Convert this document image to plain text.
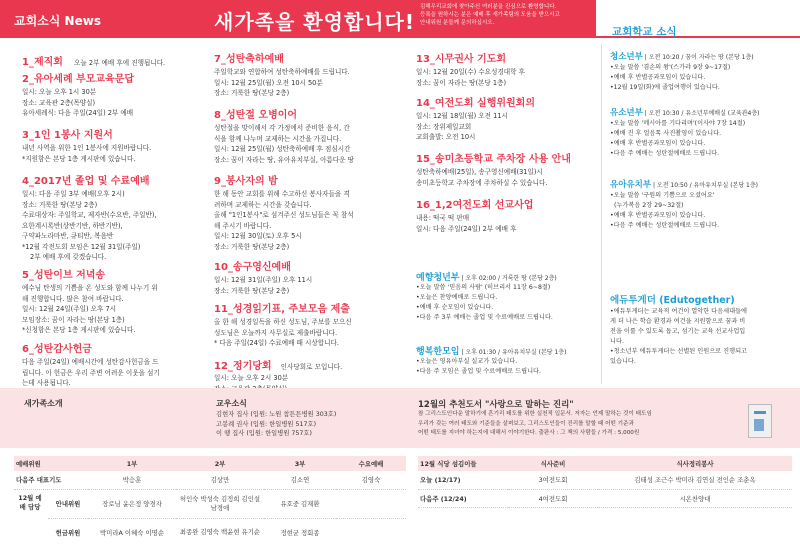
교회소식 News	새가족을 환영합니다!
김해우리교회에 찾아주신 여러분을 진심으로 환영합니다.
등록을 원하시는 분은 예배 후 새가족팀의 도움을 받으시고
안내위원 분들께 문의하십시오.
1_제직회 오늘 2부 예배 후에 진행됩니다.
2_유아세례 부모교육문답
일시: 오늘 오후 1시 30분
장소: 교육관 2층(목양실)
유아세례식: 다음 주일(24일) 2부 예배
3_1인 1봉사 지원서
내년 사역을 위한 1인 1봉사에 지원바랍니다.
*지원함은 본당 1층 게시판에 있습니다.
4_2017년 졸업 및 수료예배
일시: 다음 주일 3부 예배(오후 2시)
장소: 거룩한 땅(본당 2층)
수료대상자: 주일학교, 제자반(수요반, 주일반),
요한계시록반(상반기반, 하반기반),
구약파노라마반, 큐티반, 복음반
*12월 각전도회 모임은 12월 31일(주일)
2부 예배 후에 갖겠습니다.
5_성탄이브 저녁송
예수님 탄생의 기쁨을 온 성도와 함께 나누기 위
해 진행합니다. 많은 참여 바랍니다.
일시: 12월 24일(주일) 오후 7시
모임장소: 꿈이 자라는 땅(본당 1층)
*신청함은 본당 1층 게시판에 있습니다.
6_성탄감사헌금
다음 주일(24일) 예배시간에 성탄감사헌금을 드
립니다. 이 헌금은 우리 주변 어려운 이웃을 섬기
는데 사용됩니다.
7_성탄축하예배
주일학교와 연합하여 성탄축하예배를 드립니다.
일시: 12월 25일(월) 오전 10시 50분
장소: 거룩한 땅(본당 2층)
8_성탄절 오병이어
성탄절을 맞이해서 각 가정에서 준비한 음식, 간
식을 함께 나누며 교제하는 시간을 가집니다.
일시: 12월 25일(월) 성탄축하예배 후 점심시간
장소: 꿈이 자라는 땅, 유아유치부실, 아름다운 땅
9_봉사자의 밤
한 해 동안 교회를 위해 수고하신 봉사자들을 격
려하며 교제하는 시간을 갖습니다.
올해 "1인1봉사"로 섬겨주신 성도님들은 꼭 참석
해 주시기 바랍니다.
일시: 12월 30일(토) 오후 5시
장소: 거룩한 땅(본당 2층)
10_송구영신예배
일시: 12월 31일(주일) 오후 11시
장소: 거룩한 땅(본당 2층)
11_성경읽기표, 주보모음 제출
올 한 해 성경일독을 하신 성도님, 주보를 모으신
성도님은 오늘까지 사무실로 제출바랍니다.
* 다음 주일(24일) 수료예배 때 시상합니다.
12_정기당회 인사당회로 모입니다.
일시: 오늘 오후 2시 30분
13_시무권사 기도회
일시: 12월 20일(수) 수요성경대학 후
장소: 꿈이 자라는 땅(본당 1층)
14_여전도회 실행위원회의
일시: 12월 18일(월) 오전 11시
장소: 장위제일교회
교회출발: 오전 10시
15_송미초등학교 주차장 사용 안내
성탄축하예배(25일), 송구영신예배(31일)시
송미초등학교 주차장에 주차하실 수 있습니다.
16_1,2여전도회 선교사업
내용: 떡국 떡 판매
일시: 다음 주일(24일) 2부 예배 후
예향청년부 | 오후 02:00 / 거룩한 땅 (본당 2층)
•오늘 말씀 '믿음의 사람' (히브리서 11장 6~8절)
•오늘은 찬양예배로 드립니다.
•예배 후 순모임이 있습니다.
•다음 주 3부 예배는 졸업 및 수료예배로 드립니다.
행복한모임 | 오후 01:30 / 유아유치부실 (본당 1층)
•오늘은 영유아부실 실교가 있습니다.
•다음 주 모임은 졸업 및 수료예배로 드립니다.
교회학교 소식
청소년부 | 오전 10:20 / 꿈이 자라는 땅 (본당 1층)
•오늘 말씀 '겸손의 왕'(스가랴 9장 9~17절)
•예배 후 반별공과모임이 있습니다.
•12월 19일(화)에 졸업여행이 있습니다.
유소년부 | 오전 10:30 / 유소년부예배실 (교육관4층)
•오늘 말씀 '메시아를 기다리며'(이사야 7장 14절)
•예배 진 후 얼음톡 사진촬영이 있습니다.
•예배 후 반별공과모임이 있습니다.
•다음 주 예배는 성탄절예배로 드립니다.
유아유치부 | 오전 10:50 / 유아유치부실 (본당 1층)
•오늘 말씀 '구원의 기쁨으로 오셨어요'
(누가복음 2장 29~32절)
•예배 후 반별공과모임이 있습니다.
•다음 주 예배는 성탄절예배로 드립니다.
에듀투게더 (Edutogether)
•에듀투게더는 교육적 여건이 열악한 다음세대들에
게 더 나은 학습 환경과 여건을 지원함으로 꿈과 비
전을 이룰 수 있도록 돕고, 섬기는 교육 선교사업입
니다.
•청소년부 에듀투게더는 선별된 인원으로 진행되고
있습니다.
새가족소개	교우소식
김현자 집사 (입원: 노원 참튼튼병원 303호)
고봉례 권사 (입원: 한일병원 517호)
이 땡 집사 (입원: 한일병원 757호)
12월의 추천도서 "사랑으로 말하는 진리"
참 그리스도인다운 말하기에 흔기리 태도를 위한 실천적 입문서. 저자는 언제 말하는 것이 태도임
우리가 갖는 여러 태도와 기준들을 살펴보고, 그리스도인들이 진리를 말할 때 어떤 기준과
어떤 태도를 지녀야 하는지에 대해서 이야기한다. 출판사 : 그 책의 사람들 / 가격 : 5,000원
예배위원	1부	2부	3부	수요예배
다음주 대표기도	박승훈	김상만	김소연	김영숙
12월 예배 담당 안내위원	장로님 윤은정 양경자	허인숙 박성숙 김정희 김인설 남경애	유호중 김재환	
헌금위원	박미라A 이혜숙 이명순	최종완 김영숙 백윤현 유기순	정현균 정회종	
12월 식당 섬김이들	식사준비	식사정리봉사
오늘 (12/17)	3여전도회	김태성 조근수 박미라 김연실 전인순 조춘옥
다음주 (12/24)	4여전도회	시온찬양대
